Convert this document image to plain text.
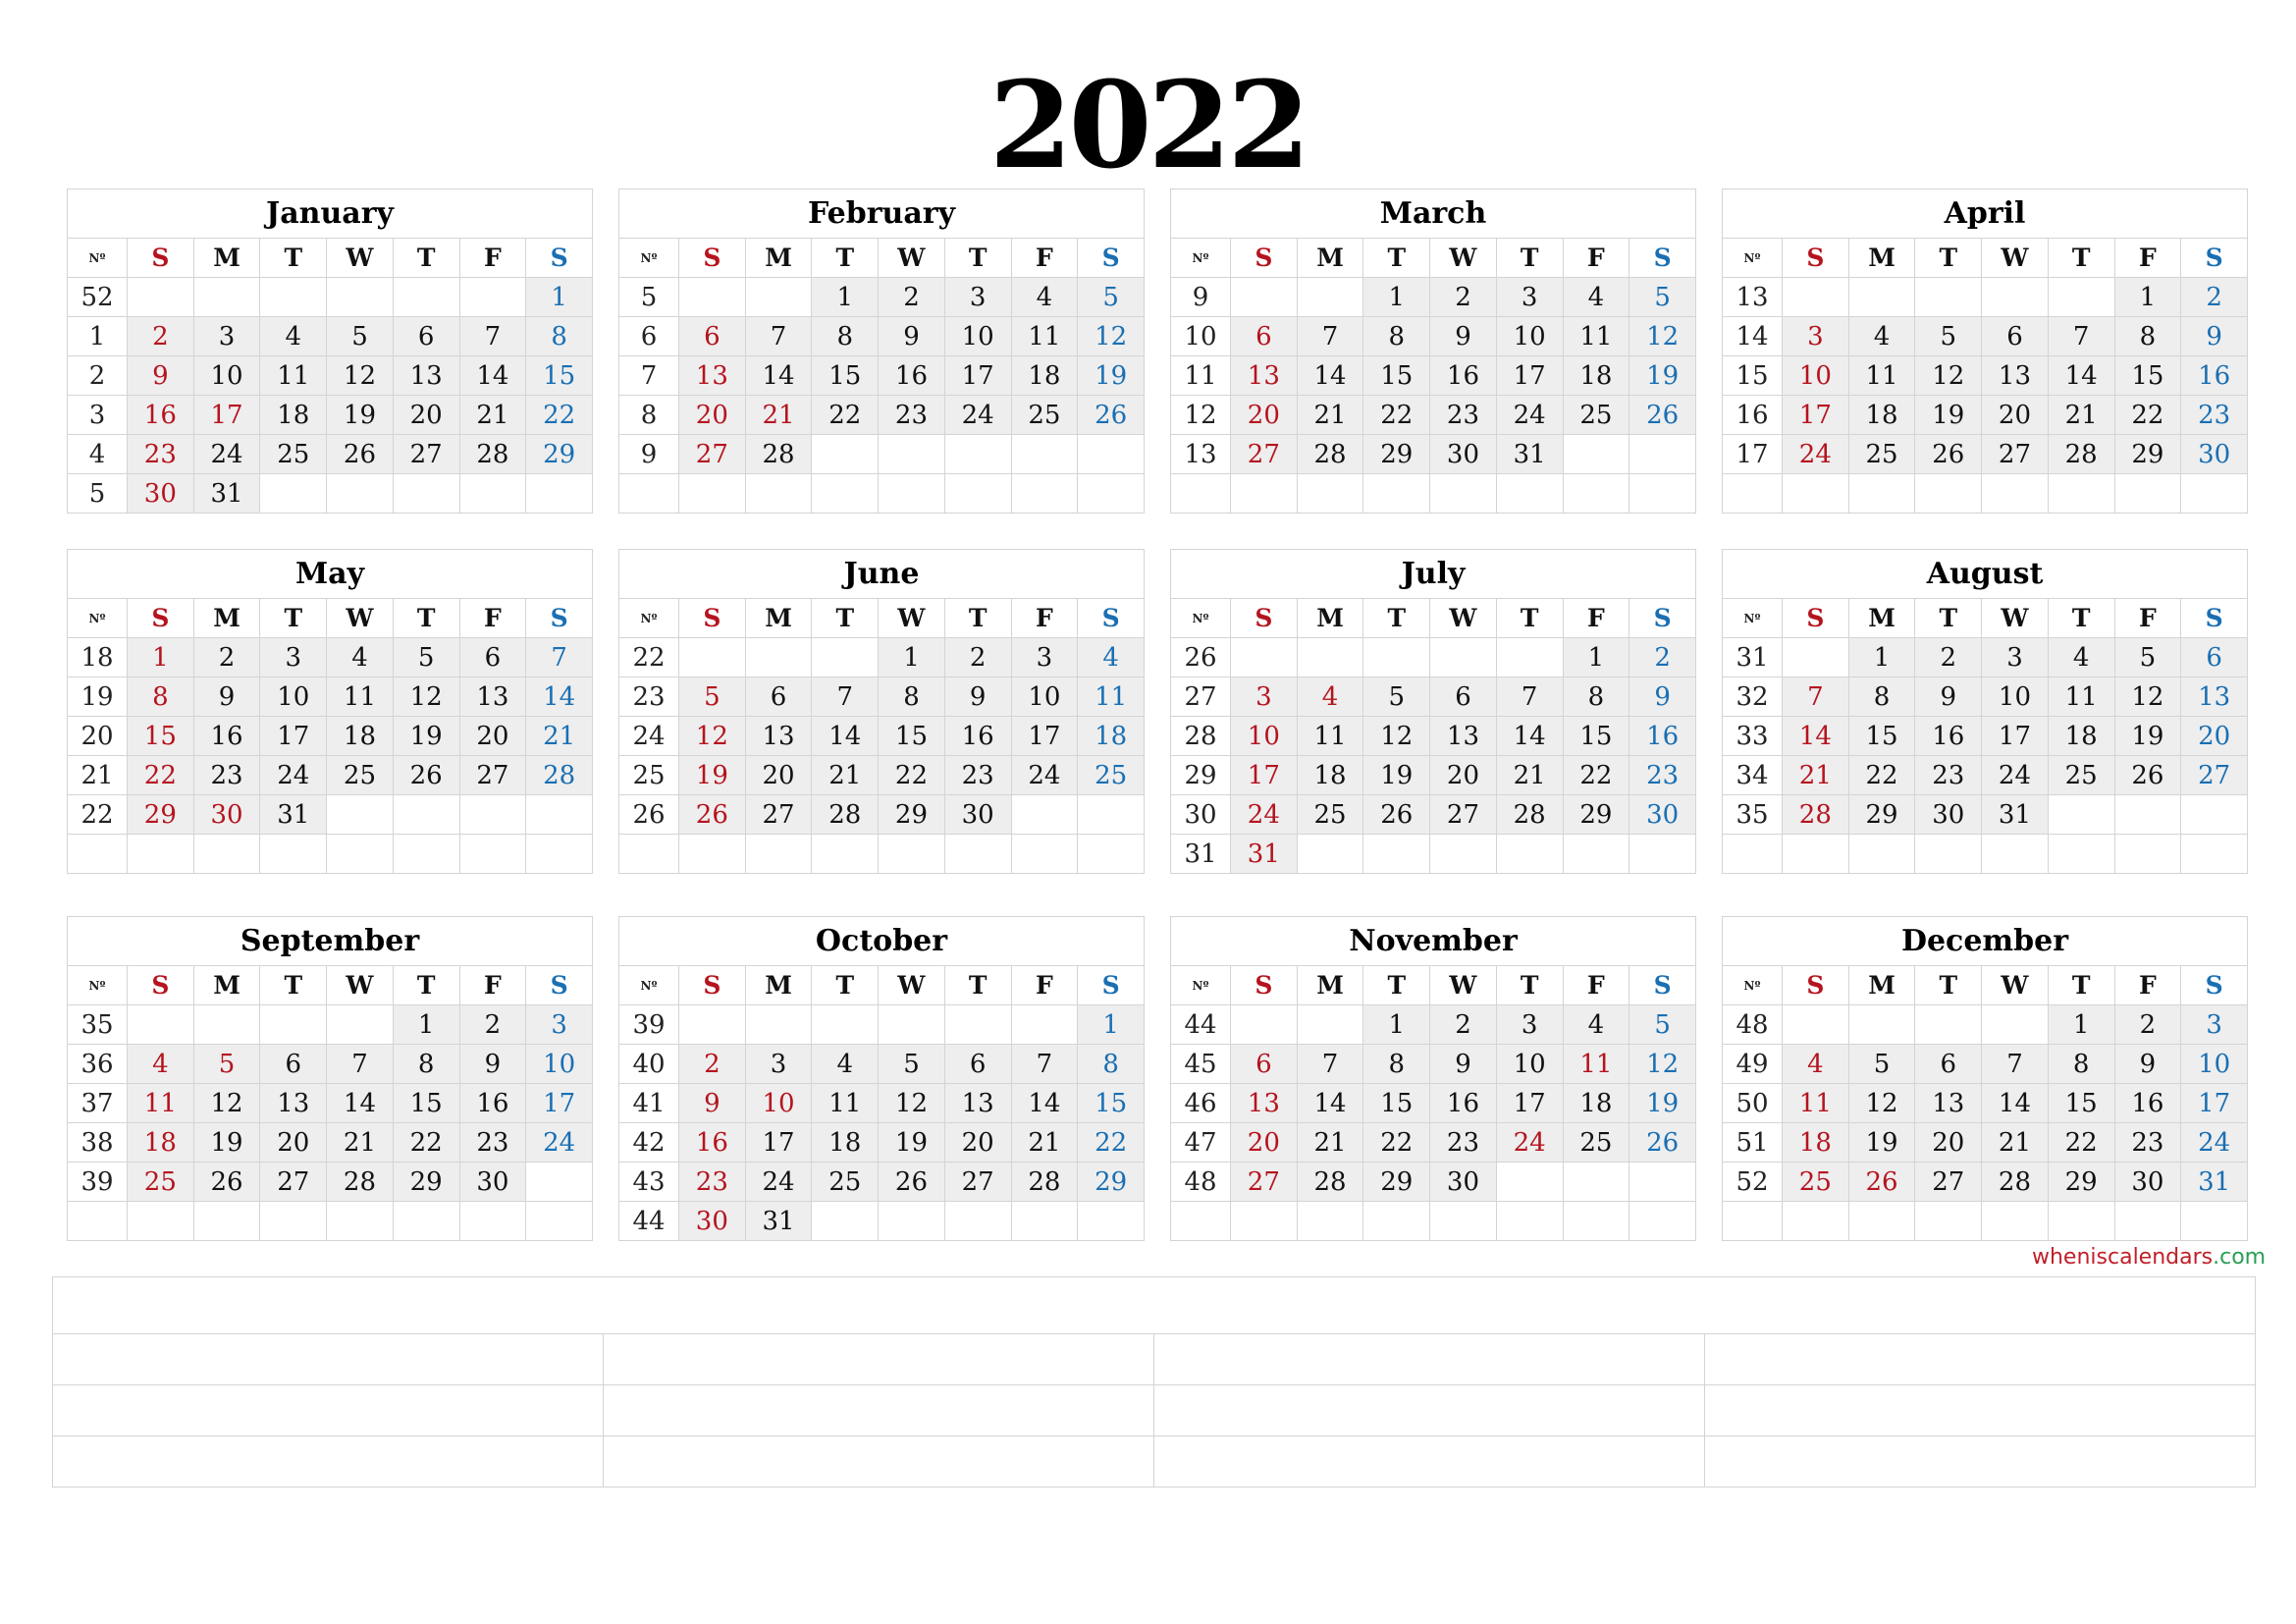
2022
January							
Nº	S	M	T	W	T	F	S
52							1
1	2	3	4	5	6	7	8
2	9	10	11	12	13	14	15
3	16	17	18	19	20	21	22
4	23	24	25	26	27	28	29
5	30	31					
February							
Nº	S	M	T	W	T	F	S
5			1	2	3	4	5
6	6	7	8	9	10	11	12
7	13	14	15	16	17	18	19
8	20	21	22	23	24	25	26
9	27	28					

March							
Nº	S	M	T	W	T	F	S
9			1	2	3	4	5
10	6	7	8	9	10	11	12
11	13	14	15	16	17	18	19
12	20	21	22	23	24	25	26
13	27	28	29	30	31		

April							
Nº	S	M	T	W	T	F	S
13						1	2
14	3	4	5	6	7	8	9
15	10	11	12	13	14	15	16
16	17	18	19	20	21	22	23
17	24	25	26	27	28	29	30

May							
Nº	S	M	T	W	T	F	S
18	1	2	3	4	5	6	7
19	8	9	10	11	12	13	14
20	15	16	17	18	19	20	21
21	22	23	24	25	26	27	28
22	29	30	31				

June							
Nº	S	M	T	W	T	F	S
22				1	2	3	4
23	5	6	7	8	9	10	11
24	12	13	14	15	16	17	18
25	19	20	21	22	23	24	25
26	26	27	28	29	30		

July							
Nº	S	M	T	W	T	F	S
26						1	2
27	3	4	5	6	7	8	9
28	10	11	12	13	14	15	16
29	17	18	19	20	21	22	23
30	24	25	26	27	28	29	30
31	31						
August							
Nº	S	M	T	W	T	F	S
31		1	2	3	4	5	6
32	7	8	9	10	11	12	13
33	14	15	16	17	18	19	20
34	21	22	23	24	25	26	27
35	28	29	30	31			

September							
Nº	S	M	T	W	T	F	S
35					1	2	3
36	4	5	6	7	8	9	10
37	11	12	13	14	15	16	17
38	18	19	20	21	22	23	24
39	25	26	27	28	29	30	

October							
Nº	S	M	T	W	T	F	S
39							1
40	2	3	4	5	6	7	8
41	9	10	11	12	13	14	15
42	16	17	18	19	20	21	22
43	23	24	25	26	27	28	29
44	30	31					
November							
Nº	S	M	T	W	T	F	S
44			1	2	3	4	5
45	6	7	8	9	10	11	12
46	13	14	15	16	17	18	19
47	20	21	22	23	24	25	26
48	27	28	29	30			

December							
Nº	S	M	T	W	T	F	S
48					1	2	3
49	4	5	6	7	8	9	10
50	11	12	13	14	15	16	17
51	18	19	20	21	22	23	24
52	25	26	27	28	29	30	31

wheniscalendars.com
